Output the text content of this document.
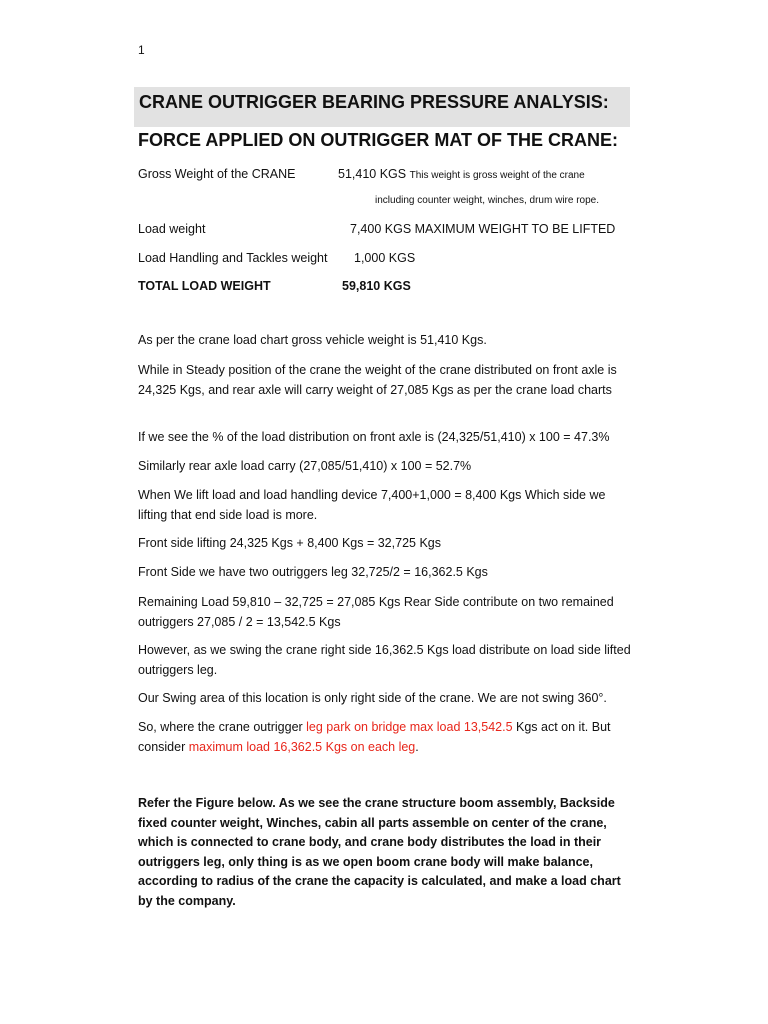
1
CRANE OUTRIGGER BEARING PRESSURE ANALYSIS:
FORCE APPLIED ON OUTRIGGER MAT OF THE CRANE:
Gross Weight of the CRANE	51,410 KGS This weight is gross weight of the crane
including counter weight, winches, drum wire rope.
Load weight	7,400 KGS MAXIMUM WEIGHT TO BE LIFTED
Load Handling and Tackles weight 1,000 KGS
TOTAL LOAD WEIGHT	59,810 KGS

As per the crane load chart gross vehicle weight is 51,410 Kgs.

While in Steady position of the crane the weight of the crane distributed on front axle is 24,325 Kgs, and rear axle will carry weight of 27,085 Kgs as per the crane load charts

If we see the % of the load distribution on front axle is (24,325/51,410) x 100 = 47.3%

Similarly rear axle load carry (27,085/51,410) x 100 = 52.7%

When We lift load and load handling device 7,400+1,000 = 8,400 Kgs Which side we lifting that end side load is more.

Front side lifting 24,325 Kgs + 8,400 Kgs = 32,725 Kgs

Front Side we have two outriggers leg 32,725/2 = 16,362.5 Kgs

Remaining Load 59,810 – 32,725 = 27,085 Kgs Rear Side contribute on two remained outriggers 27,085 / 2 = 13,542.5 Kgs

However, as we swing the crane right side 16,362.5 Kgs load distribute on load side lifted outriggers leg.

Our Swing area of this location is only right side of the crane. We are not swing 360°.

So, where the crane outrigger leg park on bridge max load 13,542.5 Kgs act on it. But consider maximum load 16,362.5 Kgs on each leg.

Refer the Figure below. As we see the crane structure boom assembly, Backside fixed counter weight, Winches, cabin all parts assemble on center of the crane, which is connected to crane body, and crane body distributes the load in their outriggers leg, only thing is as we open boom crane body will make balance, according to radius of the crane the capacity is calculated, and make a load chart by the company.
